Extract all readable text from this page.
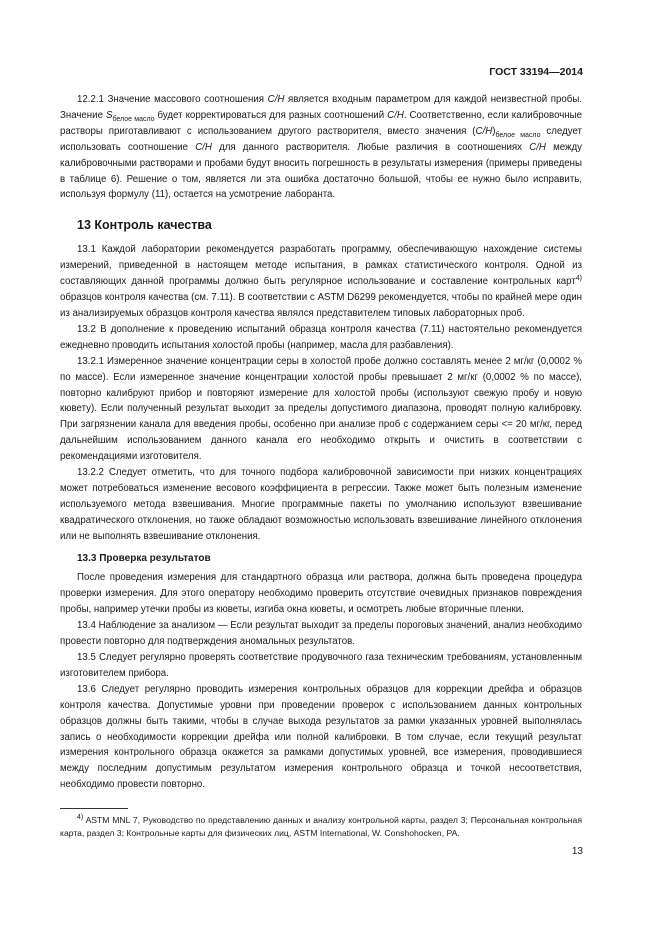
ГОСТ 33194—2014

12.2.1 Значение массового соотношения C/H является входным параметром для каждой неизвестной пробы. Значение $S_{белое масло}$ будет корректироваться для разных соотношений C/H. Соответственно, если калибровочные растворы приготавливают с использованием другого растворителя, вместо значения $(C/H)_{белое масло}$ следует использовать соотношение C/H для данного растворителя. Любые различия в соотношениях C/H между калибровочными растворами и пробами будут вносить погрешность в результаты измерения (примеры приведены в таблице 6). Решение о том, является ли эта ошибка достаточно большой, чтобы ее нужно было исправить, используя формулу (11), остается на усмотрение лаборанта.

13 Контроль качества

13.1 Каждой лаборатории рекомендуется разработать программу, обеспечивающую нахождение системы измерений, приведенной в настоящем методе испытания, в рамках статистического контроля. Одной из составляющих данной программы должно быть регулярное использование и составление контрольных карт$^{4)}$ образцов контроля качества (см. 7.11). В соответствии с ASTM D6299 рекомендуется, чтобы по крайней мере один из анализируемых образцов контроля качества являлся представителем типовых лабораторных проб.

13.2 В дополнение к проведению испытаний образца контроля качества (7.11) настоятельно рекомендуется ежедневно проводить испытания холостой пробы (например, масла для разбавления).

13.2.1 Измеренное значение концентрации серы в холостой пробе должно составлять менее 2 мг/кг (0,0002 % по массе). Если измеренное значение концентрации холостой пробы превышает 2 мг/кг (0,0002 % по массе), повторно калибруют прибор и повторяют измерение для холостой пробы (используют свежую пробу и новую кювету). Если полученный результат выходит за пределы допустимого диапазона, проводят полную калибровку. При загрязнении канала для введения пробы, особенно при анализе проб с содержанием серы <= 20 мг/кг, перед дальнейшим использованием данного канала его необходимо открыть и очистить в соответствии с рекомендациями изготовителя.

13.2.2 Следует отметить, что для точного подбора калибровочной зависимости при низких концентрациях может потребоваться изменение весового коэффициента в регрессии. Также может быть полезным изменение используемого метода взвешивания. Многие программные пакеты по умолчанию используют взвешивание квадратического отклонения, но также обладают возможностью использовать взвешивание линейного отклонения или не выполнять взвешивание отклонения.

13.3 Проверка результатов

После проведения измерения для стандартного образца или раствора, должна быть проведена процедура проверки измерения. Для этого оператору необходимо проверить отсутствие очевидных признаков повреждения пробы, например утечки пробы из кюветы, изгиба окна кюветы, и осмотреть любые вторичные пленки.

13.4 Наблюдение за анализом — Если результат выходит за пределы пороговых значений, анализ необходимо провести повторно для подтверждения аномальных результатов.

13.5 Следует регулярно проверять соответствие продувочного газа техническим требованиям, установленным изготовителем прибора.

13.6 Следует регулярно проводить измерения контрольных образцов для коррекции дрейфа и образцов контроля качества. Допустимые уровни при проведении проверок с использованием данных контрольных образцов должны быть такими, чтобы в случае выхода результатов за рамки указанных уровней выполнялась запись о необходимости коррекции дрейфа или полной калибровки. В том случае, если текущий результат измерения контрольного образца окажется за рамками допустимых уровней, все измерения, проводившиеся между последним допустимым результатом измерения контрольного образца и точкой несоответствия, необходимо провести повторно.

$^{4)}$ ASTM MNL 7, Руководство по представлению данных и анализу контрольной карты, раздел 3; Персональная контрольная карта, раздел 3; Контрольные карты для физических лиц, ASTM International, W. Conshohocken, PA.
13
